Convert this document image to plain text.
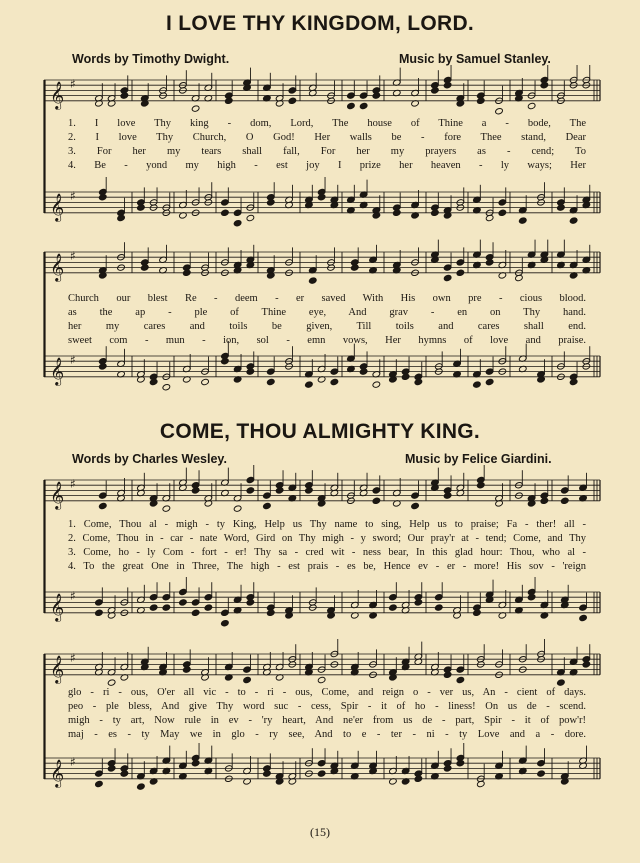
I LOVE THY KINGDOM, LORD.
Words by Timothy Dwight.	Music by Samuel Stanley.
𝄞 ♯
𝄞 ♯
1. I love Thy king - dom, Lord, The house of Thine a - bode, The
2. I love Thy Church, O God! Her walls be - fore Thee stand, Dear
3. For her my tears shall fall, For her my prayers as - cend; To
4. Be - yond my high - est joy I prize her heaven - ly ways; Her
𝄞 ♯
𝄞 ♯
Church our blest Re - deem - er saved With His own pre - cious blood.
as the ap - ple of Thine eye, And grav - en on Thy hand.
her my cares and toils be given, Till toils and cares shall end.
sweet com - mun - ion, sol - emn vows, Her hymns of love and praise.
COME, THOU ALMIGHTY KING.
Words by Charles Wesley.	Music by Felice Giardini.
𝄞 ♯
𝄞 ♯
1. Come, Thou al - migh - ty King, Help us Thy name to sing, Help us to praise; Fa - ther! all -
2. Come, Thou in - car - nate Word, Gird on Thy migh - y sword; Our pray'r at - tend; Come, and Thy
3. Come, ho - ly Com - fort - er! Thy sa - cred wit - ness bear, In this glad hour: Thou, who al -
4. To the great One in Three, The high - est prais - es be, Hence ev - er - more! His sov - 'reign
𝄞 ♯
𝄞 ♯
glo - ri - ous, O'er all vic - to - ri - ous, Come, and reign o - ver us, An - cient of days.
peo - ple bless, And give Thy word suc - cess, Spir - it of ho - liness! On us de - scend.
migh - ty art, Now rule in ev - 'ry heart, And ne'er from us de - part, Spir - it of pow'r!
maj - es - ty May we in glo - ry see, And to e - ter - ni - ty Love and a - dore.
(15)
